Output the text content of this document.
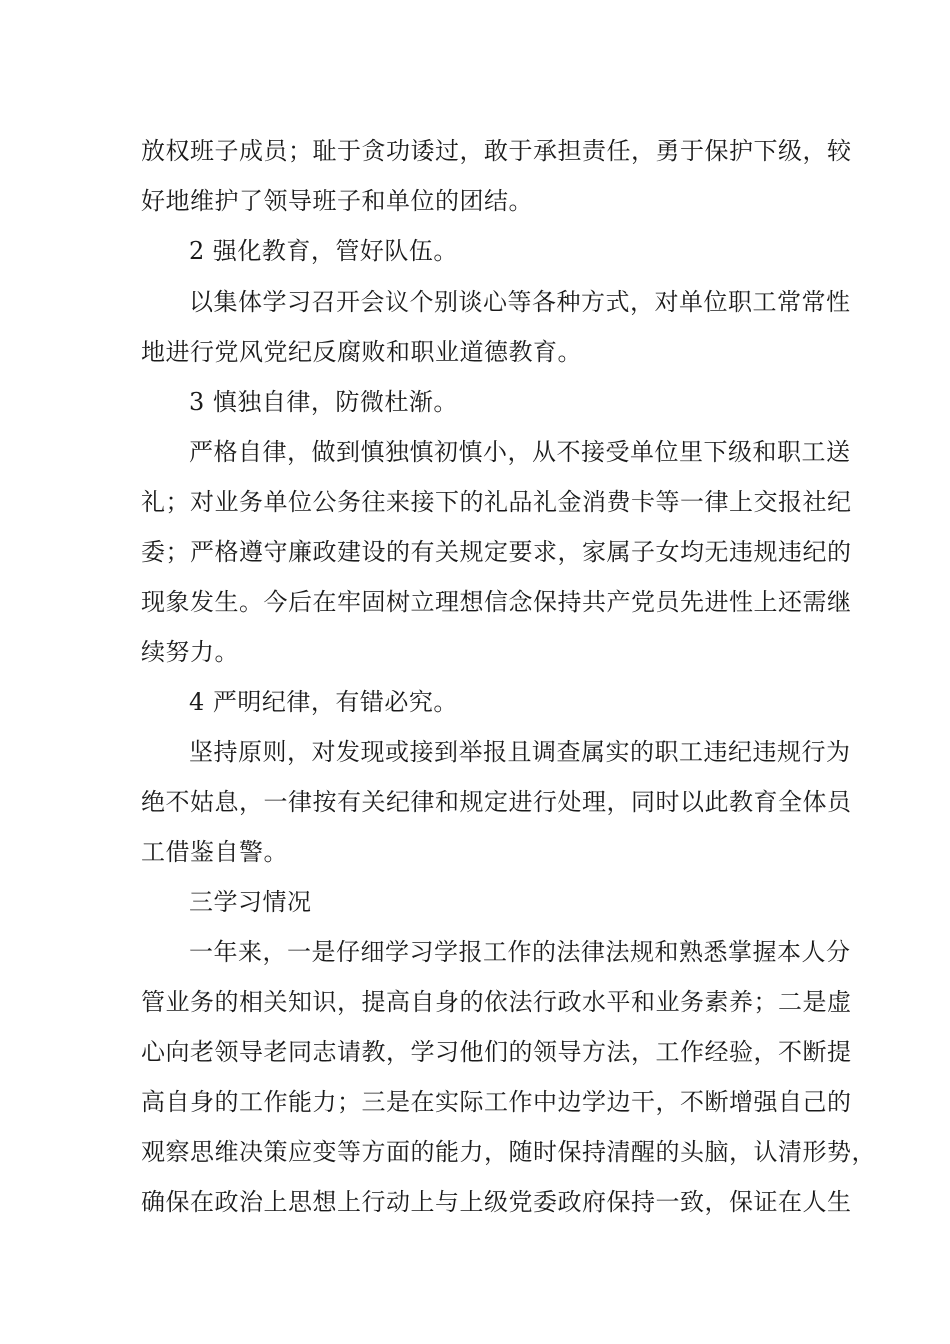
放权班子成员；耻于贪功诿过，敢于承担责任，勇于保护下级，较
好地维护了领导班子和单位的团结。
2 强化教育，管好队伍。
以集体学习召开会议个别谈心等各种方式，对单位职工常常性
地进行党风党纪反腐败和职业道德教育。
3 慎独自律，防微杜渐。
严格自律，做到慎独慎初慎小，从不接受单位里下级和职工送
礼；对业务单位公务往来接下的礼品礼金消费卡等一律上交报社纪
委；严格遵守廉政建设的有关规定要求，家属子女均无违规违纪的
现象发生。今后在牢固树立理想信念保持共产党员先进性上还需继
续努力。
4 严明纪律，有错必究。
坚持原则，对发现或接到举报且调查属实的职工违纪违规行为
绝不姑息，一律按有关纪律和规定进行处理，同时以此教育全体员
工借鉴自警。
三学习情况
一年来，一是仔细学习学报工作的法律法规和熟悉掌握本人分
管业务的相关知识，提高自身的依法行政水平和业务素养；二是虚
心向老领导老同志请教，学习他们的领导方法，工作经验，不断提
高自身的工作能力；三是在实际工作中边学边干，不断增强自己的
观察思维决策应变等方面的能力，随时保持清醒的头脑，认清形势，
确保在政治上思想上行动上与上级党委政府保持一致，保证在人生
